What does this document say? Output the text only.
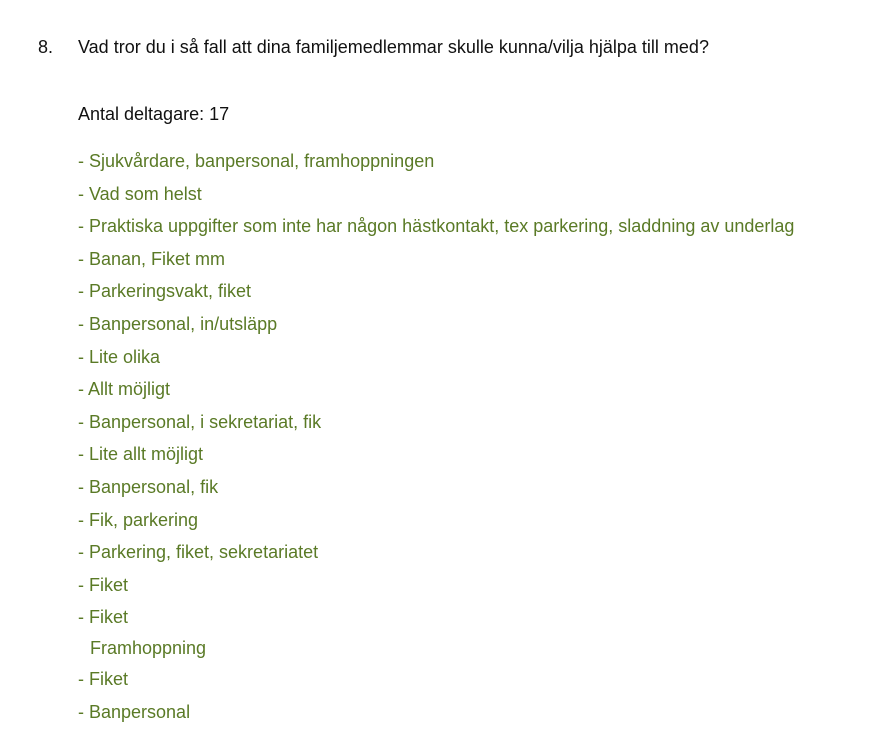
8.	Vad tror du i så fall att dina familjemedlemmar skulle kunna/vilja hjälpa till med?
Antal deltagare: 17
- Sjukvårdare, banpersonal, framhoppningen
- Vad som helst
- Praktiska uppgifter som inte har någon hästkontakt, tex parkering, sladdning av underlag
- Banan, Fiket mm
- Parkeringsvakt, fiket
- Banpersonal, in/utsläpp
- Lite olika
- Allt möjligt
- Banpersonal, i sekretariat, fik
- Lite allt möjligt
- Banpersonal, fik
- Fik, parkering
- Parkering, fiket, sekretariatet
- Fiket
- Fiket
Framhoppning
- Fiket
- Banpersonal
